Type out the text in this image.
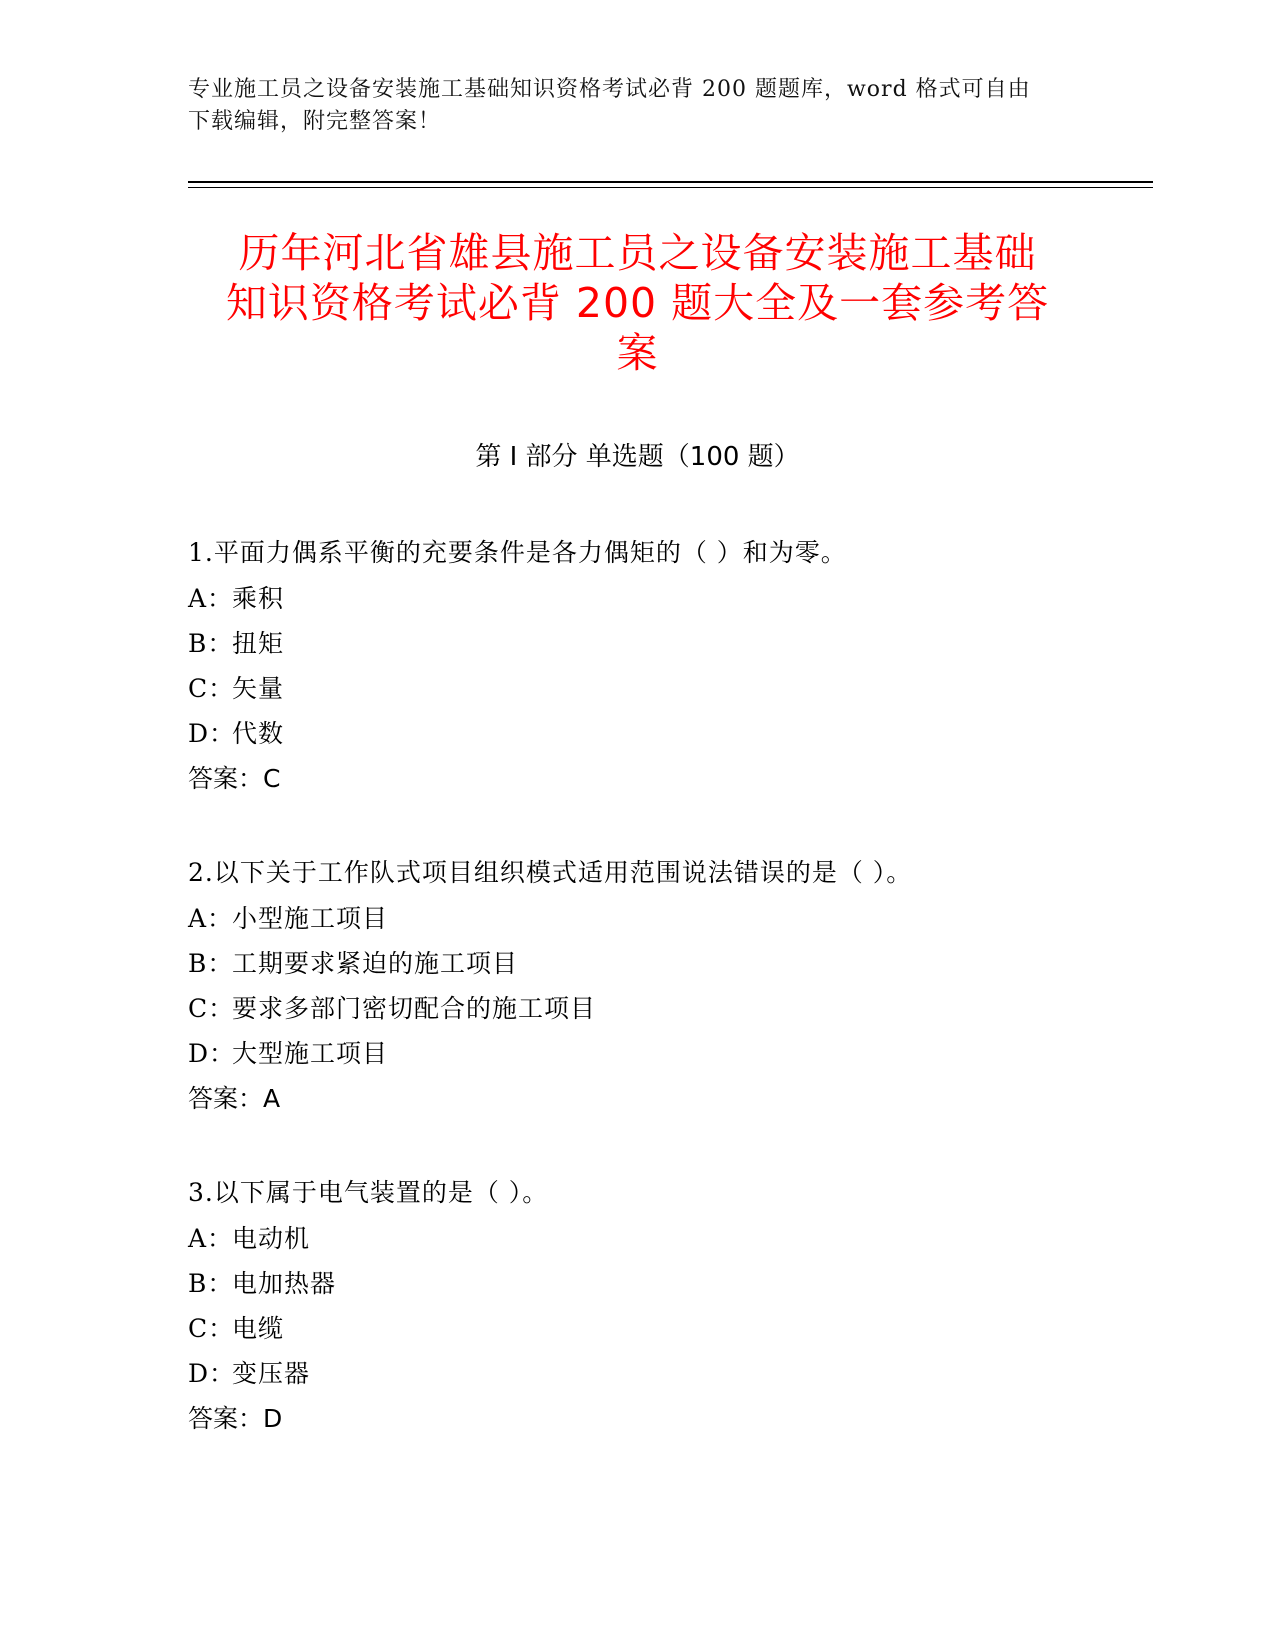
专业施工员之设备安装施工基础知识资格考试必背 200 题题库，word 格式可自由
下载编辑，附完整答案！
历年河北省雄县施工员之设备安装施工基础
知识资格考试必背 200 题大全及一套参考答
案
第 I 部分 单选题（100 题）
1.平面力偶系平衡的充要条件是各力偶矩的（ ）和为零。
A：乘积
B：扭矩
C：矢量
D：代数
答案：C
2.以下关于工作队式项目组织模式适用范围说法错误的是（ ）。
A：小型施工项目
B：工期要求紧迫的施工项目
C：要求多部门密切配合的施工项目
D：大型施工项目
答案：A
3.以下属于电气装置的是（ ）。
A：电动机
B：电加热器
C：电缆
D：变压器
答案：D
